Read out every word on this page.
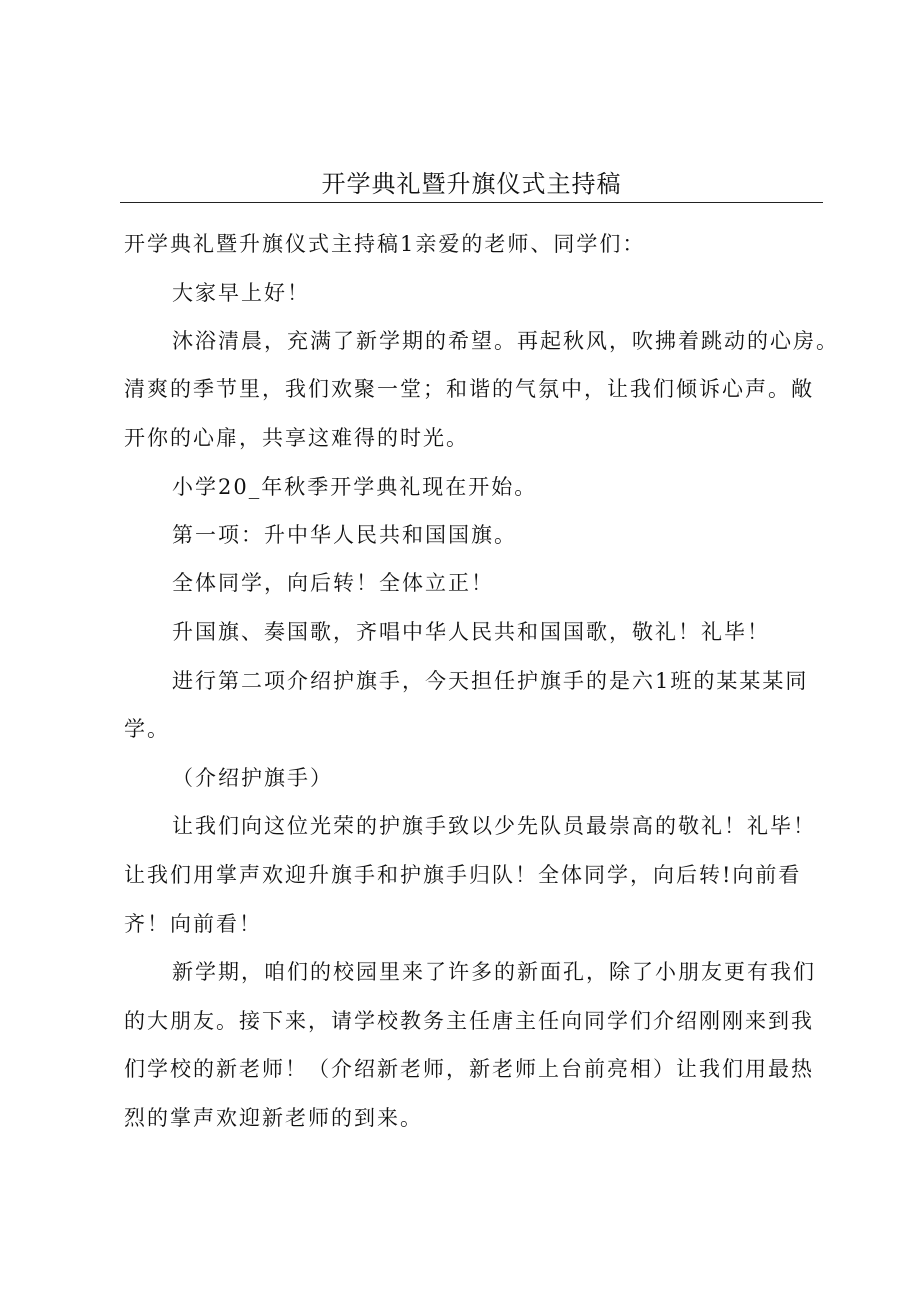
开学典礼暨升旗仪式主持稿
开学典礼暨升旗仪式主持稿1亲爱的老师、同学们：
大家早上好！
沐浴清晨，充满了新学期的希望。再起秋风，吹拂着跳动的心房。
清爽的季节里，我们欢聚一堂；和谐的气氛中，让我们倾诉心声。敞
开你的心扉，共享这难得的时光。
小学20_年秋季开学典礼现在开始。
第一项：升中华人民共和国国旗。
全体同学，向后转！全体立正！
升国旗、奏国歌，齐唱中华人民共和国国歌，敬礼！礼毕！
进行第二项介绍护旗手，今天担任护旗手的是六1班的某某某同
学。
（介绍护旗手）
让我们向这位光荣的护旗手致以少先队员最崇高的敬礼！礼毕！
让我们用掌声欢迎升旗手和护旗手归队！全体同学，向后转!向前看
齐！向前看！
新学期，咱们的校园里来了许多的新面孔，除了小朋友更有我们
的大朋友。接下来，请学校教务主任唐主任向同学们介绍刚刚来到我
们学校的新老师！（介绍新老师，新老师上台前亮相）让我们用最热
烈的掌声欢迎新老师的到来。
